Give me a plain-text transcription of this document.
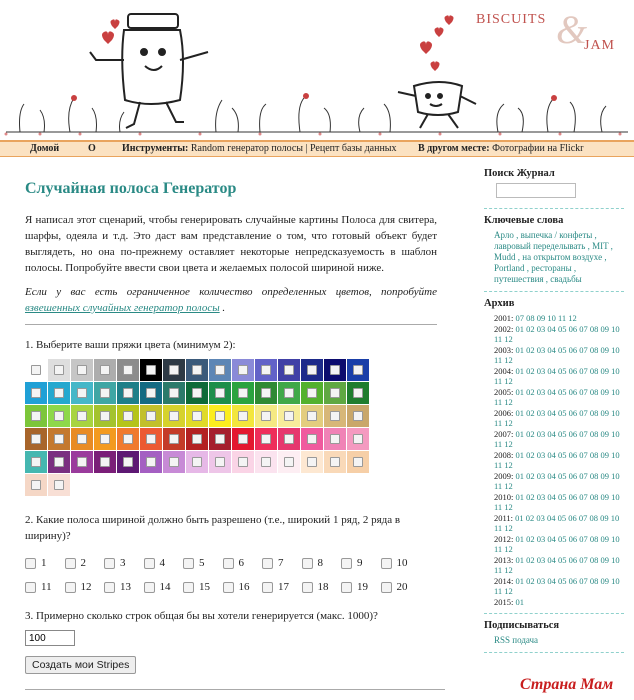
&
BISCUITS
JAM
Домой	О	Инструменты: Random генератор полосы | Рецепт базы данных В другом месте: Фотографии на Flickr
Случайная полоса Генератор

Я написал этот сценарий, чтобы генерировать случайные картины Полоса для свитера, шарфы, одеяла и т.д. Это даст вам представление о том, что готовый объект будет выглядеть, но она по-прежнему оставляет некоторые непредсказуемость в шаблон полосы. Попробуйте ввести свои цвета и желаемых полосой шириной ниже.

Если у вас есть ограниченное количество определенных цветов, попробуйте взвешенных случайных генератор полосы .

1. Выберите ваши пряжи цвета (минимум 2):
2. Какие полоса шириной должно быть разрешено (т.е., широкий 1 ряд, 2 ряда в ширину)?
1	2	3	4	5	6	7	8	9	10
11	12	13	14	15	16	17	18	19	20
3. Примерно сколько строк общая бы вы хотели генерируется (макс. 1000)?
100
Создать мои Stripes
Поиск Журнал
Ключевые слова
Арло , выпечка / конфеты , лавровый переделывать , MIT , Mudd , на открытом воздухе , Portland , рестораны , путешествия , свадьбы
Архив
2001: 07 08 09 10 11 12
2002: 01 02 03 04 05 06 07 08 09 10 11 12
2003: 01 02 03 04 05 06 07 08 09 10 11 12
2004: 01 02 03 04 05 06 07 08 09 10 11 12
2005: 01 02 03 04 05 06 07 08 09 10 11 12
2006: 01 02 03 04 05 06 07 08 09 10 11 12
2007: 01 02 03 04 05 06 07 08 09 10 11 12
2008: 01 02 03 04 05 06 07 08 09 10 11 12
2009: 01 02 03 04 05 06 07 08 09 10 11 12
2010: 01 02 03 04 05 06 07 08 09 10 11 12
2011: 01 02 03 04 05 06 07 08 09 10 11 12
2012: 01 02 03 04 05 06 07 08 09 10 11 12
2013: 01 02 03 04 05 06 07 08 09 10 11 12
2014: 01 02 03 04 05 06 07 08 09 10 11 12
2015: 01
Подписываться
RSS подача
Страна Мам
